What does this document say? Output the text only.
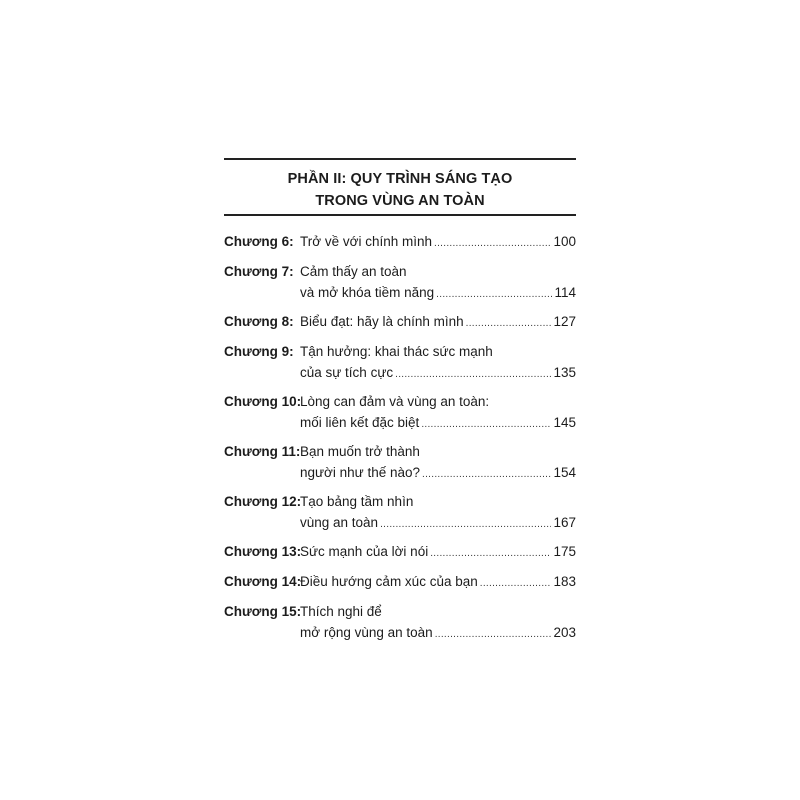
PHẦN II: QUY TRÌNH SÁNG TẠO
TRONG VÙNG AN TOÀN
Chương 6: Trở về với chính mình .....	100
Chương 7: Cảm thấy an toàn
và mở khóa tiềm năng .....	114
Chương 8: Biểu đạt: hãy là chính mình .....	127
Chương 9: Tận hưởng: khai thác sức mạnh
của sự tích cực .....	135
Chương 10:
Lòng can đảm và vùng an toàn:
mối liên kết đặc biệt .....	145
Chương 11: Bạn muốn trở thành
người như thế nào? .....	154
Chương 12:
Tạo bảng tầm nhìn
vùng an toàn .....	167
Chương 13:
Sức mạnh của lời nói .....	175
Chương 14:
Điều hướng cảm xúc của bạn .....	183
Chương 15:
Thích nghi để
mở rộng vùng an toàn .....	203
